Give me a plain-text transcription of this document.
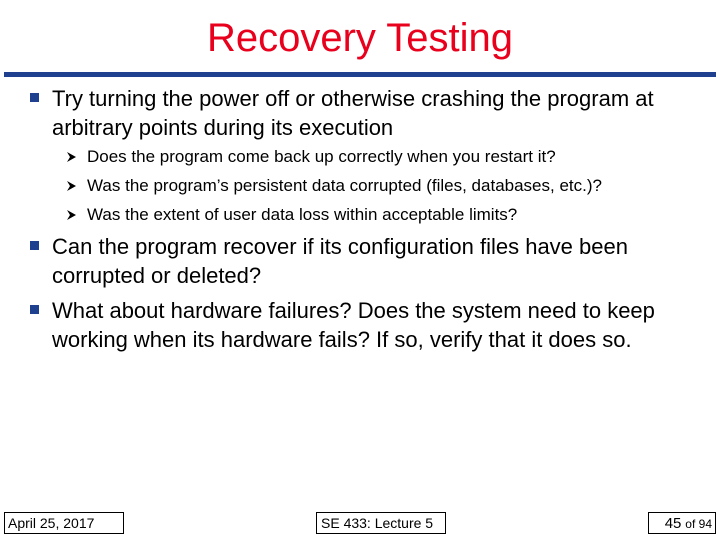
Recovery Testing
Try turning the power off or otherwise crashing the program at arbitrary points during its execution
Does the program come back up correctly when you restart it?
Was the program’s persistent data corrupted (files, databases, etc.)?
Was the extent of user data loss within acceptable limits?
Can the program recover if its configuration files have been corrupted or deleted?
What about hardware failures? Does the system need to keep working when its hardware fails? If so, verify that it does so.
April 25, 2017	SE 433: Lecture 5	45 of 94
